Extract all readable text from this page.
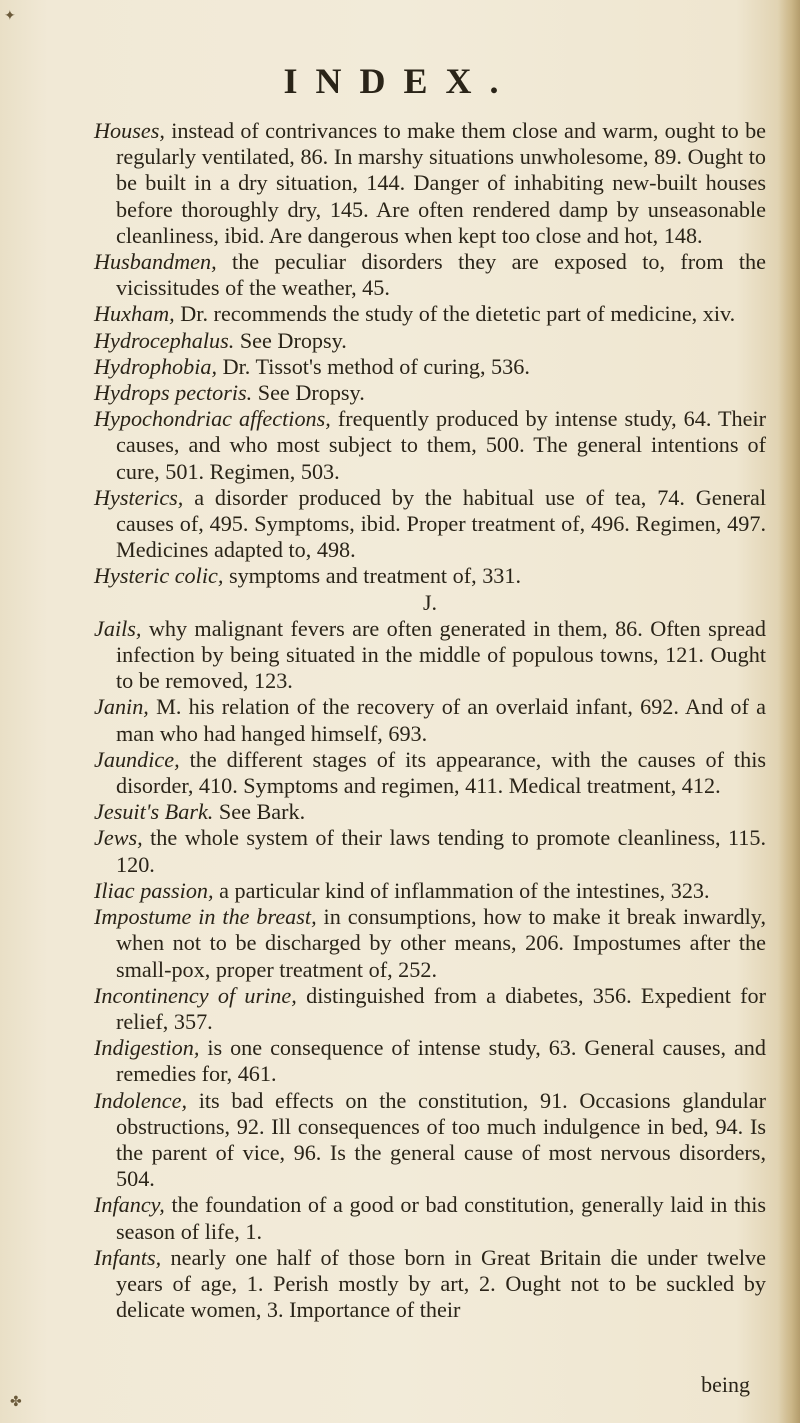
✦
INDEX.

Houses, instead of contrivances to make them close and warm, ought to be regularly ventilated, 86. In marshy situations unwholesome, 89. Ought to be built in a dry situation, 144. Danger of inhabiting new-built houses before thoroughly dry, 145. Are often rendered damp by unseasonable cleanliness, ibid. Are dangerous when kept too close and hot, 148.

Husbandmen, the peculiar disorders they are exposed to, from the vicissitudes of the weather, 45.

Huxham, Dr. recommends the study of the dietetic part of medicine, xiv.

Hydrocephalus. See Dropsy.

Hydrophobia, Dr. Tissot's method of curing, 536.

Hydrops pectoris. See Dropsy.

Hypochondriac affections, frequently produced by intense study, 64. Their causes, and who most subject to them, 500. The general intentions of cure, 501. Regimen, 503.

Hysterics, a disorder produced by the habitual use of tea, 74. General causes of, 495. Symptoms, ibid. Proper treatment of, 496. Regimen, 497. Medicines adapted to, 498.

Hysteric colic, symptoms and treatment of, 331.

J.

Jails, why malignant fevers are often generated in them, 86. Often spread infection by being situated in the middle of populous towns, 121. Ought to be removed, 123.

Janin, M. his relation of the recovery of an overlaid infant, 692. And of a man who had hanged himself, 693.

Jaundice, the different stages of its appearance, with the causes of this disorder, 410. Symptoms and regimen, 411. Medical treatment, 412.

Jesuit's Bark. See Bark.

Jews, the whole system of their laws tending to promote cleanliness, 115. 120.

Iliac passion, a particular kind of inflammation of the intestines, 323.

Impostume in the breast, in consumptions, how to make it break inwardly, when not to be discharged by other means, 206. Impostumes after the small-pox, proper treatment of, 252.

Incontinency of urine, distinguished from a diabetes, 356. Expedient for relief, 357.

Indigestion, is one consequence of intense study, 63. General causes, and remedies for, 461.

Indolence, its bad effects on the constitution, 91. Occasions glandular obstructions, 92. Ill consequences of too much indulgence in bed, 94. Is the parent of vice, 96. Is the general cause of most nervous disorders, 504.

Infancy, the foundation of a good or bad constitution, generally laid in this season of life, 1.

Infants, nearly one half of those born in Great Britain die under twelve years of age, 1. Perish mostly by art, 2. Ought not to be suckled by delicate women, 3. Importance of their

being
✤
